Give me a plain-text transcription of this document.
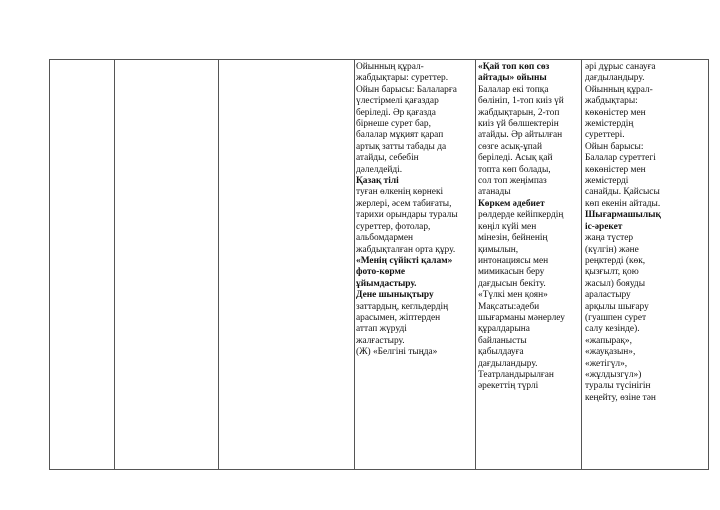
Ойынның құрал-
жабдықтары: суреттер.
Ойын барысы: Балаларға
үлестірмелі қағаздар
беріледі. Әр қағазда
бірнеше сурет бар,
балалар мұқият қарап
артық затты табады да
атайды, себебін
дәлелдейді.
Қазақ тілі
туған өлкенің көрнекі
жерлері, әсем табиғаты,
тарихи орындары туралы
суреттер, фотолар,
альбомдармен
жабдықталған орта құру.
«Менің сүйікті қалам»
фото-көрме
ұйымдастыру.
Дене шынықтыру
заттардың, кегльдердің
арасымен, жіптерден
аттап жүруді
жалғастыру.
(Ж) «Белгіні тыңда»
«Қай топ көп сөз
айтады» ойыны
Балалар екі топқа
бөлініп, 1-топ киіз үй
жабдықтарын, 2-топ
киіз үй бөлшектерін
атайды. Әр айтылған
сөзге асық-ұпай
беріледі. Асық қай
топта көп болады,
сол топ жеңімпаз
атанады
Көркем әдебиет
рөлдерде кейіпкердің
көңіл күйі мен
мінезін, бейненің
қимылын,
интонациясы мен
мимикасын беру
дағдысын бекіту.
«Түлкі мен қоян»
Мақсаты:әдеби
шығарманы мәнерлеу
құралдарына
байланысты
қабылдауға
дағдыландыру.
Театрландырылған
әрекеттің түрлі
әрі дұрыс санауға
дағдыландыру.
Ойынның құрал-
жабдықтары:
көкөністер мен
жемістердің
суреттері.
Ойын барысы:
Балалар суреттегі
көкөністер мен
жемістерді
санайды. Қайсысы
көп екенін айтады.
Шығармашылық
іс-әрекет
жаңа түстер
(күлгін) және
реңктерді (көк,
қызғылт, қою
жасыл) бояуды
араластыру
арқылы шығару
(гуашпен сурет
салу кезінде).
«жапырақ»,
«жауқазын»,
«жетігүл»,
«жұлдызгүл»)
туралы түсінігін
кеңейту, өзіне тән
